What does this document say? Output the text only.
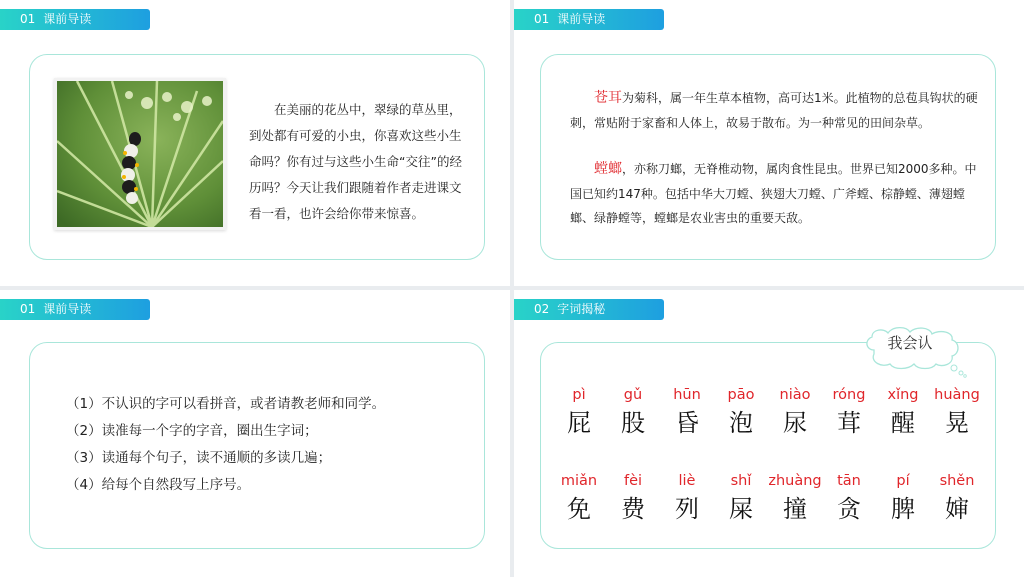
01 课前导读

在美丽的花丛中，翠绿的草丛里，到处都有可爱的小虫，你喜欢这些小生命吗？你有过与这些小生命“交往”的经历吗？今天让我们跟随着作者走进课文看一看，也许会给你带来惊喜。

01 课前导读

苍耳为菊科，属一年生草本植物，高可达1米。此植物的总苞具钩状的硬刺，常贴附于家畜和人体上，故易于散布。为一种常见的田间杂草。

螳螂，亦称刀螂，无脊椎动物，属肉食性昆虫。世界已知2000多种。中国已知约147种。包括中华大刀螳、狭翅大刀螳、广斧螳、棕静螳、薄翅螳螂、绿静螳等，螳螂是农业害虫的重要天敌。

01 课前导读
（1）不认识的字可以看拼音，或者请教老师和同学。
（2）读准每一个字的字音，圈出生字词；
（3）读通每个句子，读不通顺的多读几遍；
（4）给每个自然段写上序号。
02 字词揭秘
我会认
pì
屁
gǔ
股
hūn
昏
pāo
泡
niào
尿
róng
茸
xǐng
醒
huàng
晃
miǎn
免
fèi
费
liè
列
shǐ
屎
zhuàng
撞
tān
贪
pí
脾
shěn
婶
